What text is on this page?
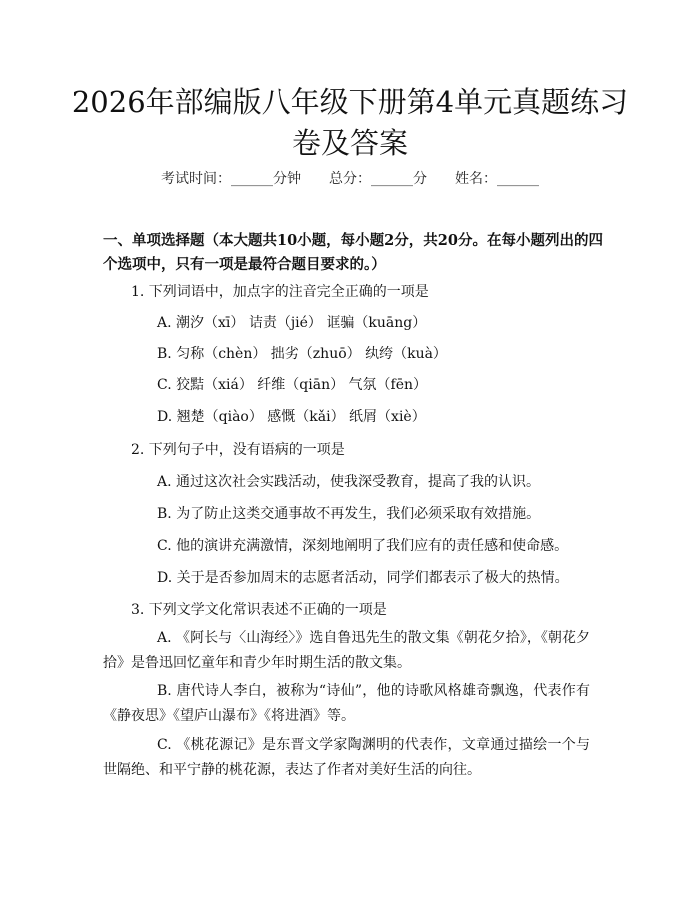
2026年部编版八年级下册第4单元真题练习卷及答案
考试时间：______分钟 总分：______分 姓名：______
一、单项选择题（本大题共10小题，每小题2分，共20分。在每小题列出的四个选项中，只有一项是最符合题目要求的。）
1. 下列词语中，加点字的注音完全正确的一项是
A. 潮汐（xī） 诘责（jié） 诓骗（kuāng）
B. 匀称（chèn） 拙劣（zhuō） 纨绔（kuà）
C. 狡黠（xiá） 纤维（qiān） 气氛（fēn）
D. 翘楚（qiào） 感慨（kǎi） 纸屑（xiè）
2. 下列句子中，没有语病的一项是
A. 通过这次社会实践活动，使我深受教育，提高了我的认识。
B. 为了防止这类交通事故不再发生，我们必须采取有效措施。
C. 他的演讲充满激情，深刻地阐明了我们应有的责任感和使命感。
D. 关于是否参加周末的志愿者活动，同学们都表示了极大的热情。
3. 下列文学文化常识表述不正确的一项是
A. 《阿长与〈山海经〉》选自鲁迅先生的散文集《朝花夕拾》，《朝花夕拾》是鲁迅回忆童年和青少年时期生活的散文集。
B. 唐代诗人李白，被称为“诗仙”，他的诗歌风格雄奇飘逸，代表作有《静夜思》《望庐山瀑布》《将进酒》等。
C. 《桃花源记》是东晋文学家陶渊明的代表作，文章通过描绘一个与世隔绝、和平宁静的桃花源，表达了作者对美好生活的向往。
